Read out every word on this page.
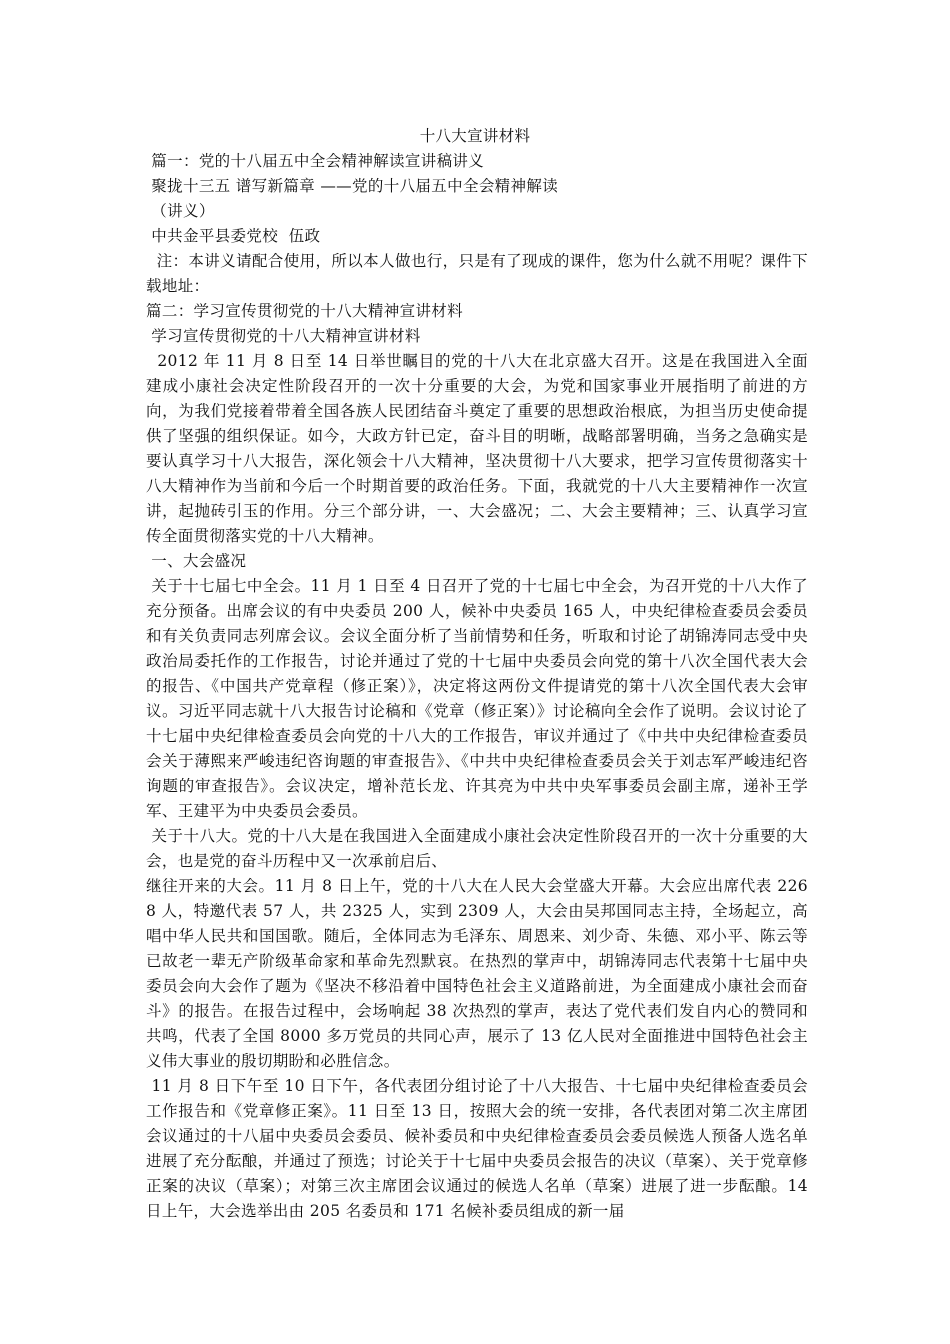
十八大宣讲材料

篇一：党的十八届五中全会精神解读宣讲稿讲义

聚拢十三五 谱写新篇章 ——党的十八届五中全会精神解读

（讲义）

中共金平县委党校  伍政

注：本讲义请配合使用，所以本人做也行，只是有了现成的课件，您为什么就不用呢？课件下载地址：

篇二：学习宣传贯彻党的十八大精神宣讲材料

学习宣传贯彻党的十八大精神宣讲材料

2012 年 11 月 8 日至 14 日举世瞩目的党的十八大在北京盛大召开。这是在我国进入全面建成小康社会决定性阶段召开的一次十分重要的大会，为党和国家事业开展指明了前进的方向，为我们党接着带着全国各族人民团结奋斗奠定了重要的思想政治根底，为担当历史使命提供了坚强的组织保证。如今，大政方针已定，奋斗目的明晰，战略部署明确，当务之急确实是要认真学习十八大报告，深化领会十八大精神，坚决贯彻十八大要求，把学习宣传贯彻落实十八大精神作为当前和今后一个时期首要的政治任务。下面，我就党的十八大主要精神作一次宣讲，起抛砖引玉的作用。分三个部分讲，一、大会盛况；二、大会主要精神；三、认真学习宣传全面贯彻落实党的十八大精神。

一、大会盛况

关于十七届七中全会。11 月 1 日至 4 日召开了党的十七届七中全会，为召开党的十八大作了充分预备。出席会议的有中央委员 200 人，候补中央委员 165 人，中央纪律检查委员会委员和有关负责同志列席会议。会议全面分析了当前情势和任务，听取和讨论了胡锦涛同志受中央政治局委托作的工作报告，讨论并通过了党的十七届中央委员会向党的第十八次全国代表大会的报告、《中国共产党章程（修正案）》，决定将这两份文件提请党的第十八次全国代表大会审议。习近平同志就十八大报告讨论稿和《党章（修正案）》讨论稿向全会作了说明。会议讨论了十七届中央纪律检查委员会向党的十八大的工作报告，审议并通过了《中共中央纪律检查委员会关于薄熙来严峻违纪咨询题的审查报告》、《中共中央纪律检查委员会关于刘志军严峻违纪咨询题的审查报告》。会议决定，增补范长龙、许其亮为中共中央军事委员会副主席，递补王学军、王建平为中央委员会委员。

关于十八大。党的十八大是在我国进入全面建成小康社会决定性阶段召开的一次十分重要的大会，也是党的奋斗历程中又一次承前启后、

继往开来的大会。11 月 8 日上午，党的十八大在人民大会堂盛大开幕。大会应出席代表 2268 人，特邀代表 57 人，共 2325 人，实到 2309 人，大会由吴邦国同志主持，全场起立，高唱中华人民共和国国歌。随后，全体同志为毛泽东、周恩来、刘少奇、朱德、邓小平、陈云等已故老一辈无产阶级革命家和革命先烈默哀。在热烈的掌声中，胡锦涛同志代表第十七届中央委员会向大会作了题为《坚决不移沿着中国特色社会主义道路前进，为全面建成小康社会而奋斗》的报告。在报告过程中，会场响起 38 次热烈的掌声，表达了党代表们发自内心的赞同和共鸣，代表了全国 8000 多万党员的共同心声，展示了 13 亿人民对全面推进中国特色社会主义伟大事业的殷切期盼和必胜信念。

11 月 8 日下午至 10 日下午，各代表团分组讨论了十八大报告、十七届中央纪律检查委员会工作报告和《党章修正案》。11 日至 13 日，按照大会的统一安排，各代表团对第二次主席团会议通过的十八届中央委员会委员、候补委员和中央纪律检查委员会委员候选人预备人选名单进展了充分酝酿，并通过了预选；讨论关于十七届中央委员会报告的决议（草案）、关于党章修正案的决议（草案）；对第三次主席团会议通过的候选人名单（草案）进展了进一步酝酿。14 日上午，大会选举出由 205 名委员和 171 名候补委员组成的新一届
